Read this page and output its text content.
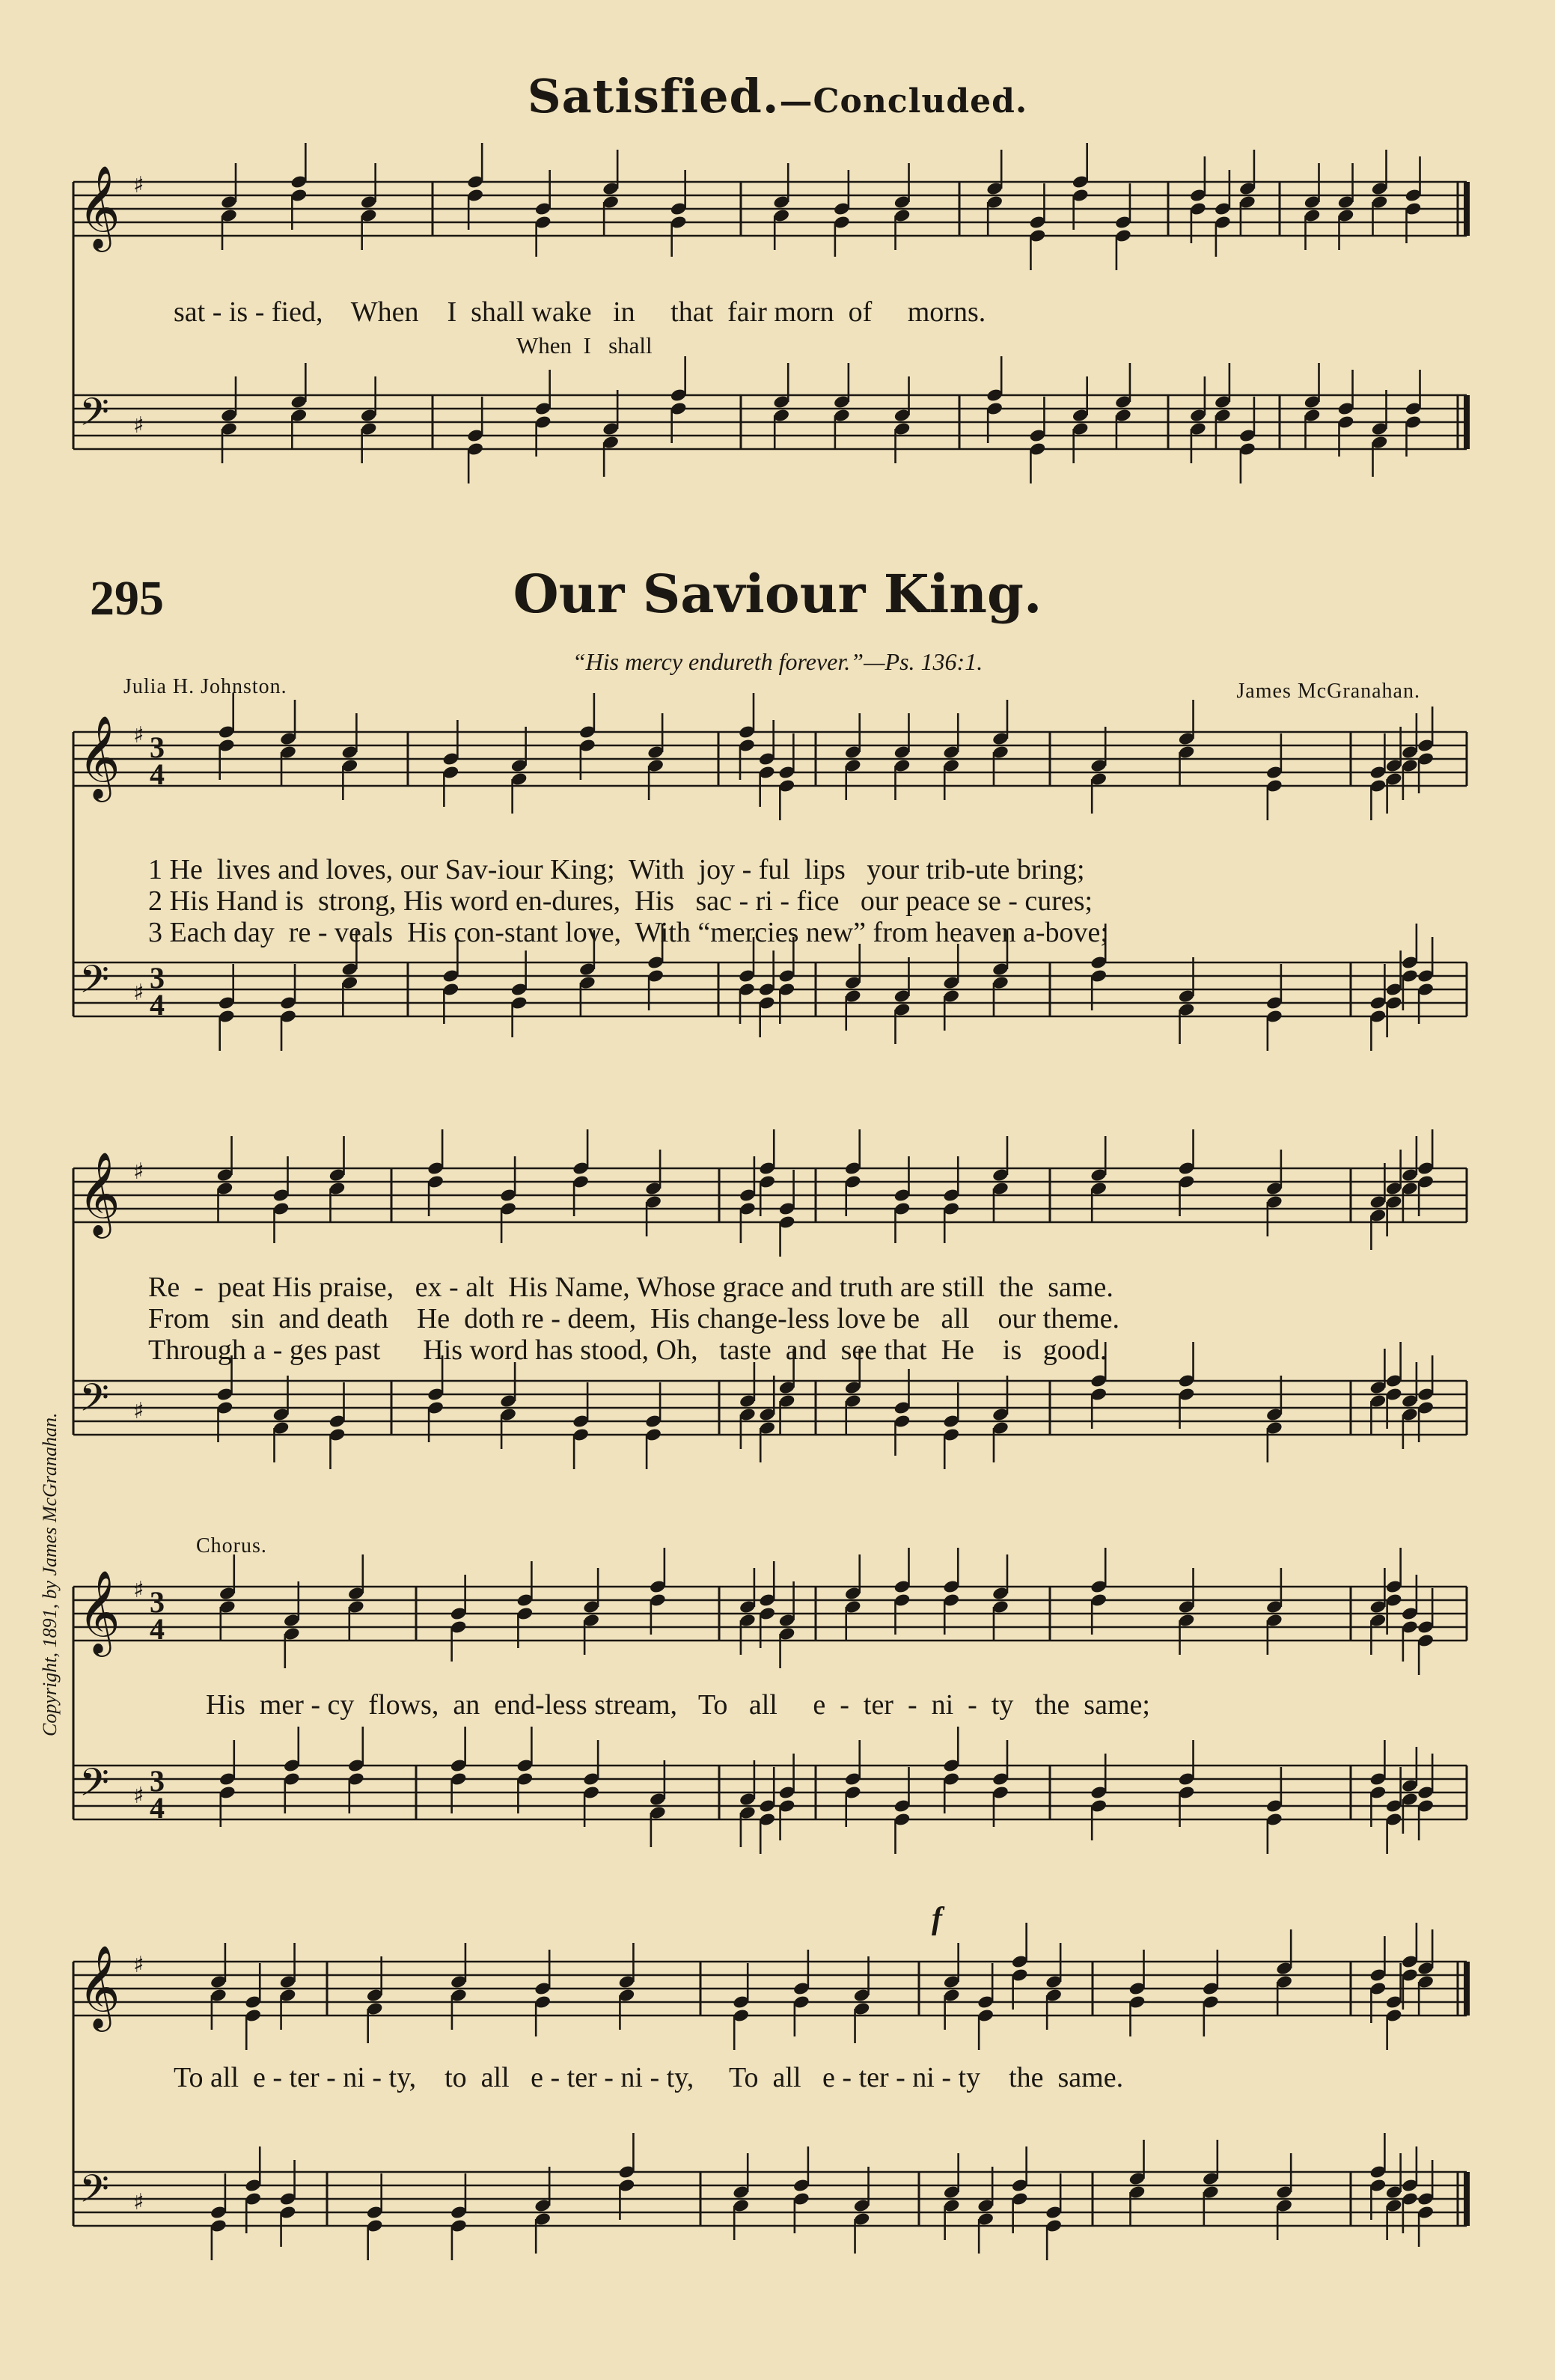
𝄞
𝄢
♯
♯
𝄞
𝄢
♯
♯
𝄞
𝄢
♯
♯
𝄞
𝄢
♯
♯
𝄞
𝄢
♯
♯
3
4
3
4
3
4
3
4
Satisfied.—Concluded.
sat - is - fied,    When    I  shall wake   in     that  fair morn  of     morns.
When  I   shall
295	Our Saviour King.
“His mercy endureth forever.”—Ps. 136:1.
Julia H. Johnston.	James McGranahan.
1 He  lives and loves, our Sav-iour King;  With  joy - ful  lips   your trib-ute bring;
2 His Hand is  strong, His word en-dures,  His   sac - ri - fice   our peace se - cures;
3 Each day  re - veals  His con-stant love,  With “mercies new” from heaven a-bove;
Re  -  peat His praise,   ex - alt  His Name, Whose grace and truth are still  the  same.
From   sin  and death    He  doth re - deem,  His change-less love be   all    our theme.
Through a - ges past      His word has stood, Oh,   taste  and  see that  He    is   good.
Chorus.
His  mer - cy  flows,  an  end-less stream,   To   all     e  -  ter  -  ni  -  ty   the  same;
To all  e - ter - ni - ty,    to  all   e - ter - ni - ty,     To  all   e - ter - ni - ty    the  same.
f
Copyright, 1891, by James McGranahan.
